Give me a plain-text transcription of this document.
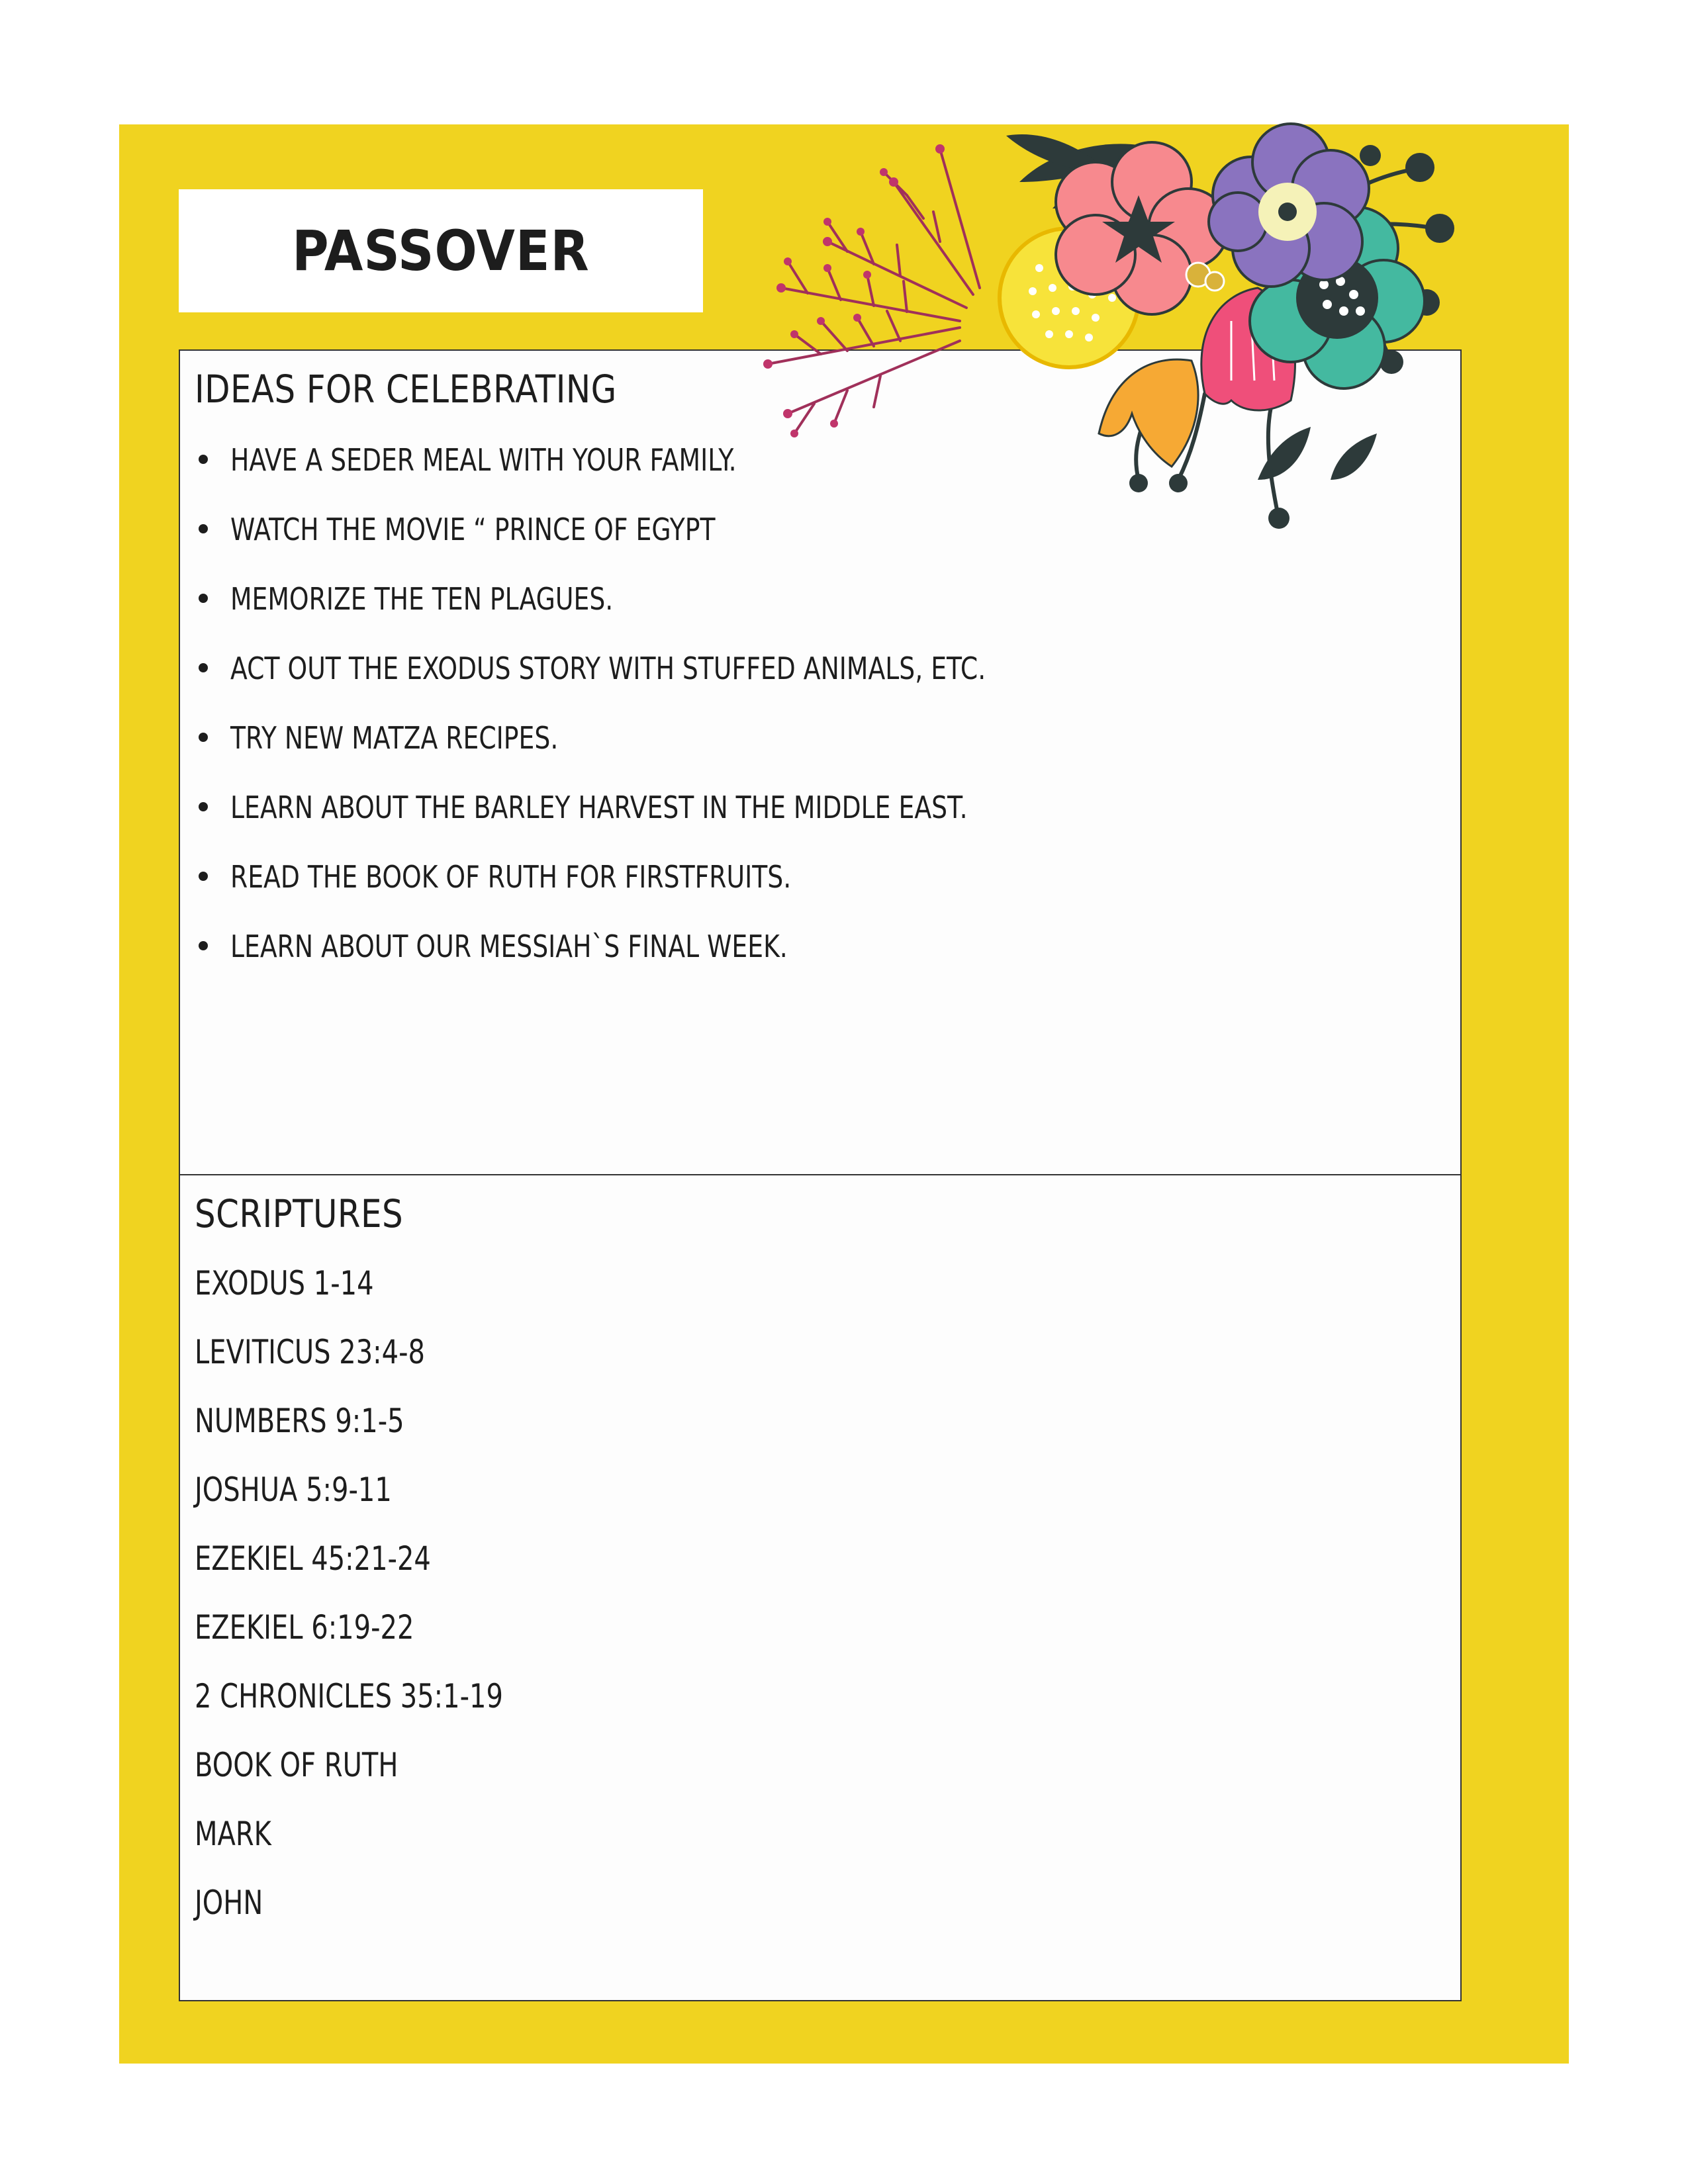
PASSOVER
IDEAS FOR CELEBRATING
HAVE A SEDER MEAL WITH YOUR FAMILY.
WATCH THE MOVIE “ PRINCE OF EGYPT
MEMORIZE THE TEN PLAGUES.
ACT OUT THE EXODUS STORY WITH STUFFED ANIMALS, ETC.
TRY NEW MATZA RECIPES.
LEARN ABOUT THE BARLEY HARVEST IN THE MIDDLE EAST.
READ THE BOOK OF RUTH FOR FIRSTFRUITS.
LEARN ABOUT OUR MESSIAH`S FINAL WEEK.
SCRIPTURES
EXODUS 1-14
LEVITICUS 23:4-8
NUMBERS 9:1-5
JOSHUA 5:9-11
EZEKIEL 45:21-24
EZEKIEL 6:19-22
2 CHRONICLES 35:1-19
BOOK OF RUTH
MARK
JOHN
